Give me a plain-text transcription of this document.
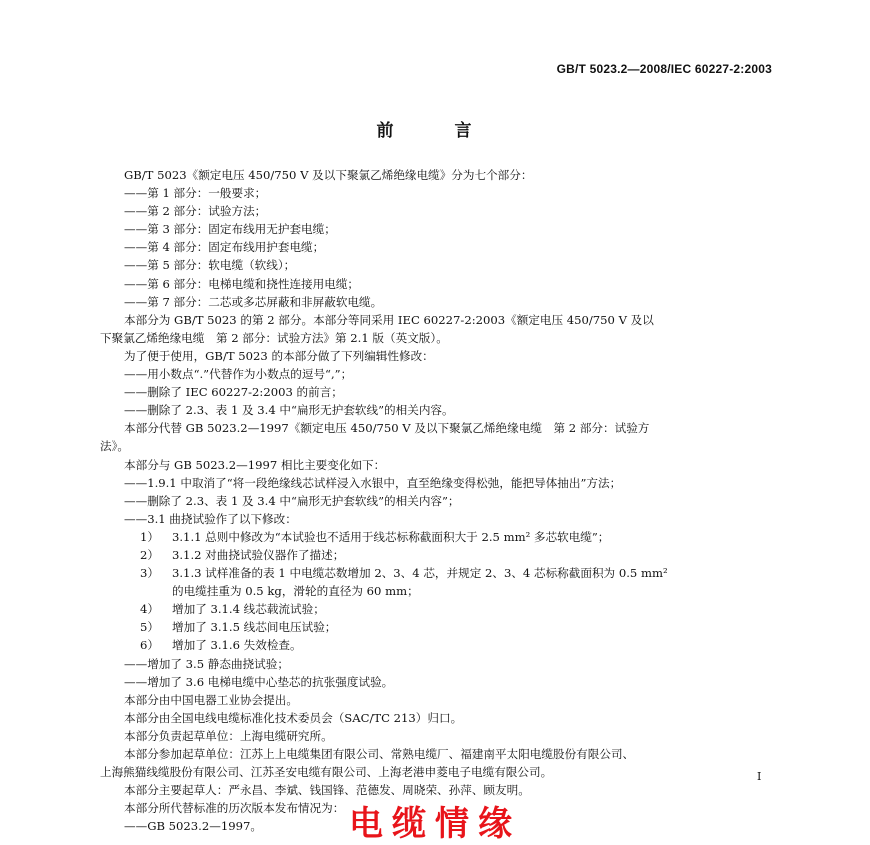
GB/T 5023.2—2008/IEC 60227-2:2003
前　言
GB/T 5023《额定电压 450/750 V 及以下聚氯乙烯绝缘电缆》分为七个部分：
——第 1 部分：一般要求；
——第 2 部分：试验方法；
——第 3 部分：固定布线用无护套电缆；
——第 4 部分：固定布线用护套电缆；
——第 5 部分：软电缆（软线）；
——第 6 部分：电梯电缆和挠性连接用电缆；
——第 7 部分：二芯或多芯屏蔽和非屏蔽软电缆。
本部分为 GB/T 5023 的第 2 部分。本部分等同采用 IEC 60227-2:2003《额定电压 450/750 V 及以
下聚氯乙烯绝缘电缆　第 2 部分：试验方法》第 2.1 版（英文版）。
为了便于使用，GB/T 5023 的本部分做了下列编辑性修改：
——用小数点“.”代替作为小数点的逗号“,”；
——删除了 IEC 60227-2:2003 的前言；
——删除了 2.3、表 1 及 3.4 中“扁形无护套软线”的相关内容。
本部分代替 GB 5023.2—1997《额定电压 450/750 V 及以下聚氯乙烯绝缘电缆　第 2 部分：试验方
法》。
本部分与 GB 5023.2—1997 相比主要变化如下：
——1.9.1 中取消了“将一段绝缘线芯试样浸入水银中，直至绝缘变得松弛，能把导体抽出”方法；
——删除了 2.3、表 1 及 3.4 中“扁形无护套软线”的相关内容”；
——3.1 曲挠试验作了以下修改：
1） 3.1.1 总则中修改为“本试验也不适用于线芯标称截面积大于 2.5 mm² 多芯软电缆”；
2） 3.1.2 对曲挠试验仪器作了描述；
3） 3.1.3 试样准备的表 1 中电缆芯数增加 2、3、4 芯，并规定 2、3、4 芯标称截面积为 0.5 mm²
的电缆挂重为 0.5 kg，滑轮的直径为 60 mm；
4） 增加了 3.1.4 线芯载流试验；
5） 增加了 3.1.5 线芯间电压试验；
6） 增加了 3.1.6 失效检查。
——增加了 3.5 静态曲挠试验；
——增加了 3.6 电梯电缆中心垫芯的抗张强度试验。
本部分由中国电器工业协会提出。
本部分由全国电线电缆标准化技术委员会（SAC/TC 213）归口。
本部分负责起草单位：上海电缆研究所。
本部分参加起草单位：江苏上上电缆集团有限公司、常熟电缆厂、福建南平太阳电缆股份有限公司、
上海熊猫线缆股份有限公司、江苏圣安电缆有限公司、上海老港申菱电子电缆有限公司。
本部分主要起草人：严永昌、李斌、钱国锋、范德发、周晓荣、孙萍、顾友明。
本部分所代替标准的历次版本发布情况为：
——GB 5023.2—1997。
I
电缆情缘
